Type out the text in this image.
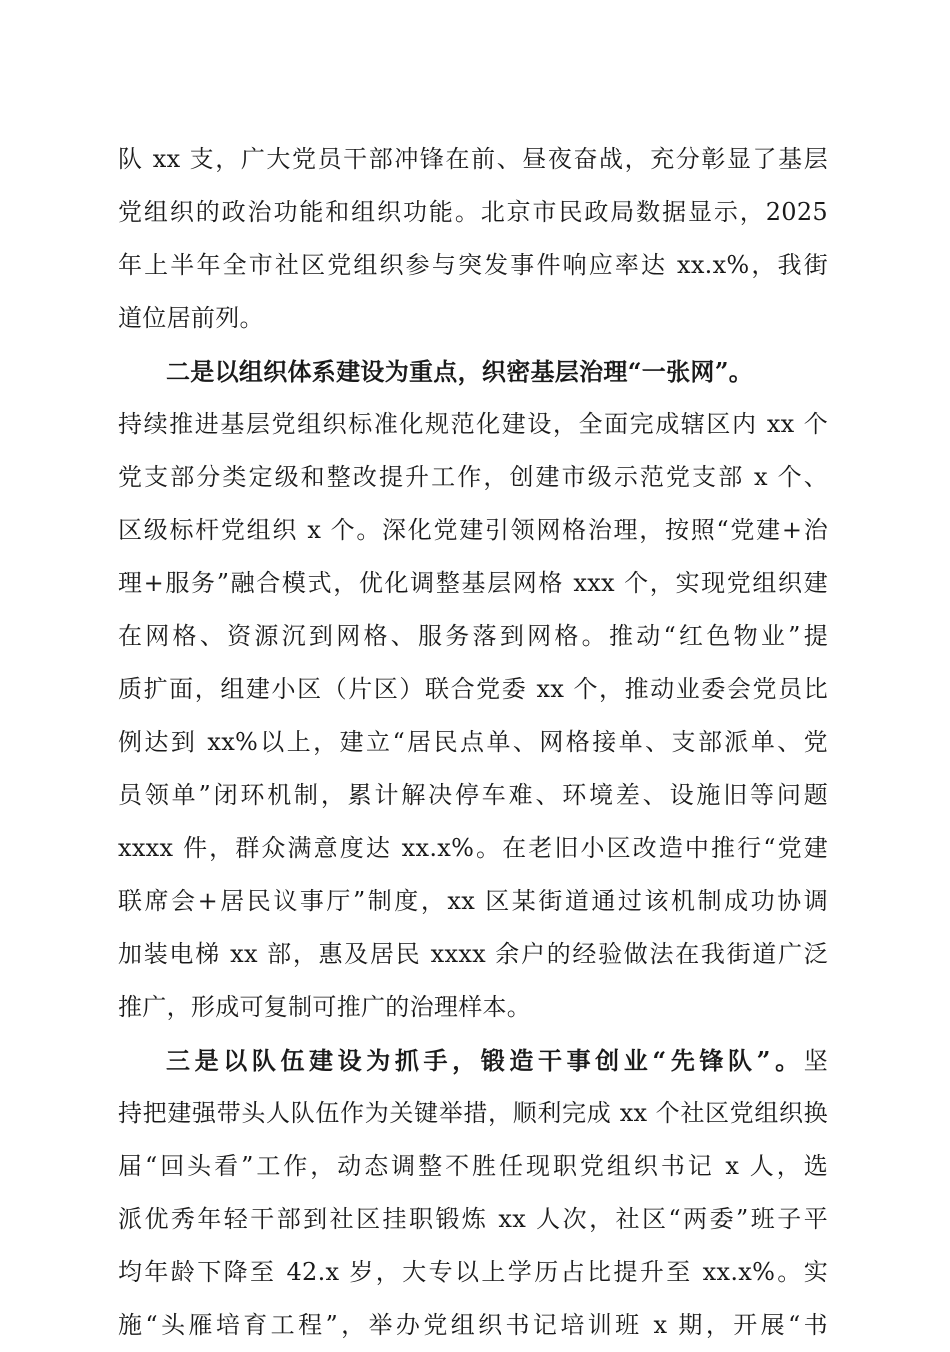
队 xx 支，广大党员干部冲锋在前、昼夜奋战，充分彰显了基层
党组织的政治功能和组织功能。北京市民政局数据显示，2025
年上半年全市社区党组织参与突发事件响应率达 xx.x%，我街
道位居前列。
二是以组织体系建设为重点，织密基层治理“一张网”。
持续推进基层党组织标准化规范化建设，全面完成辖区内 xx 个
党支部分类定级和整改提升工作，创建市级示范党支部 x 个、
区级标杆党组织 x 个。深化党建引领网格治理，按照“党建+治
理+服务”融合模式，优化调整基层网格 xxx 个，实现党组织建
在网格、资源沉到网格、服务落到网格。推动“红色物业”提
质扩面，组建小区（片区）联合党委 xx 个，推动业委会党员比
例达到 xx%以上，建立“居民点单、网格接单、支部派单、党
员领单”闭环机制，累计解决停车难、环境差、设施旧等问题
xxxx 件，群众满意度达 xx.x%。在老旧小区改造中推行“党建
联席会+居民议事厅”制度，xx 区某街道通过该机制成功协调
加装电梯 xx 部，惠及居民 xxxx 余户的经验做法在我街道广泛
推广，形成可复制可推广的治理样本。
三是以队伍建设为抓手，锻造干事创业“先锋队”。坚
持把建强带头人队伍作为关键举措，顺利完成 xx 个社区党组织换
届“回头看”工作，动态调整不胜任现职党组织书记 x 人，选
派优秀年轻干部到社区挂职锻炼 xx 人次，社区“两委”班子平
均年龄下降至 42.x 岁，大专以上学历占比提升至 xx.x%。实
施“头雁培育工程”，举办党组织书记培训班 x 期，开展“书
